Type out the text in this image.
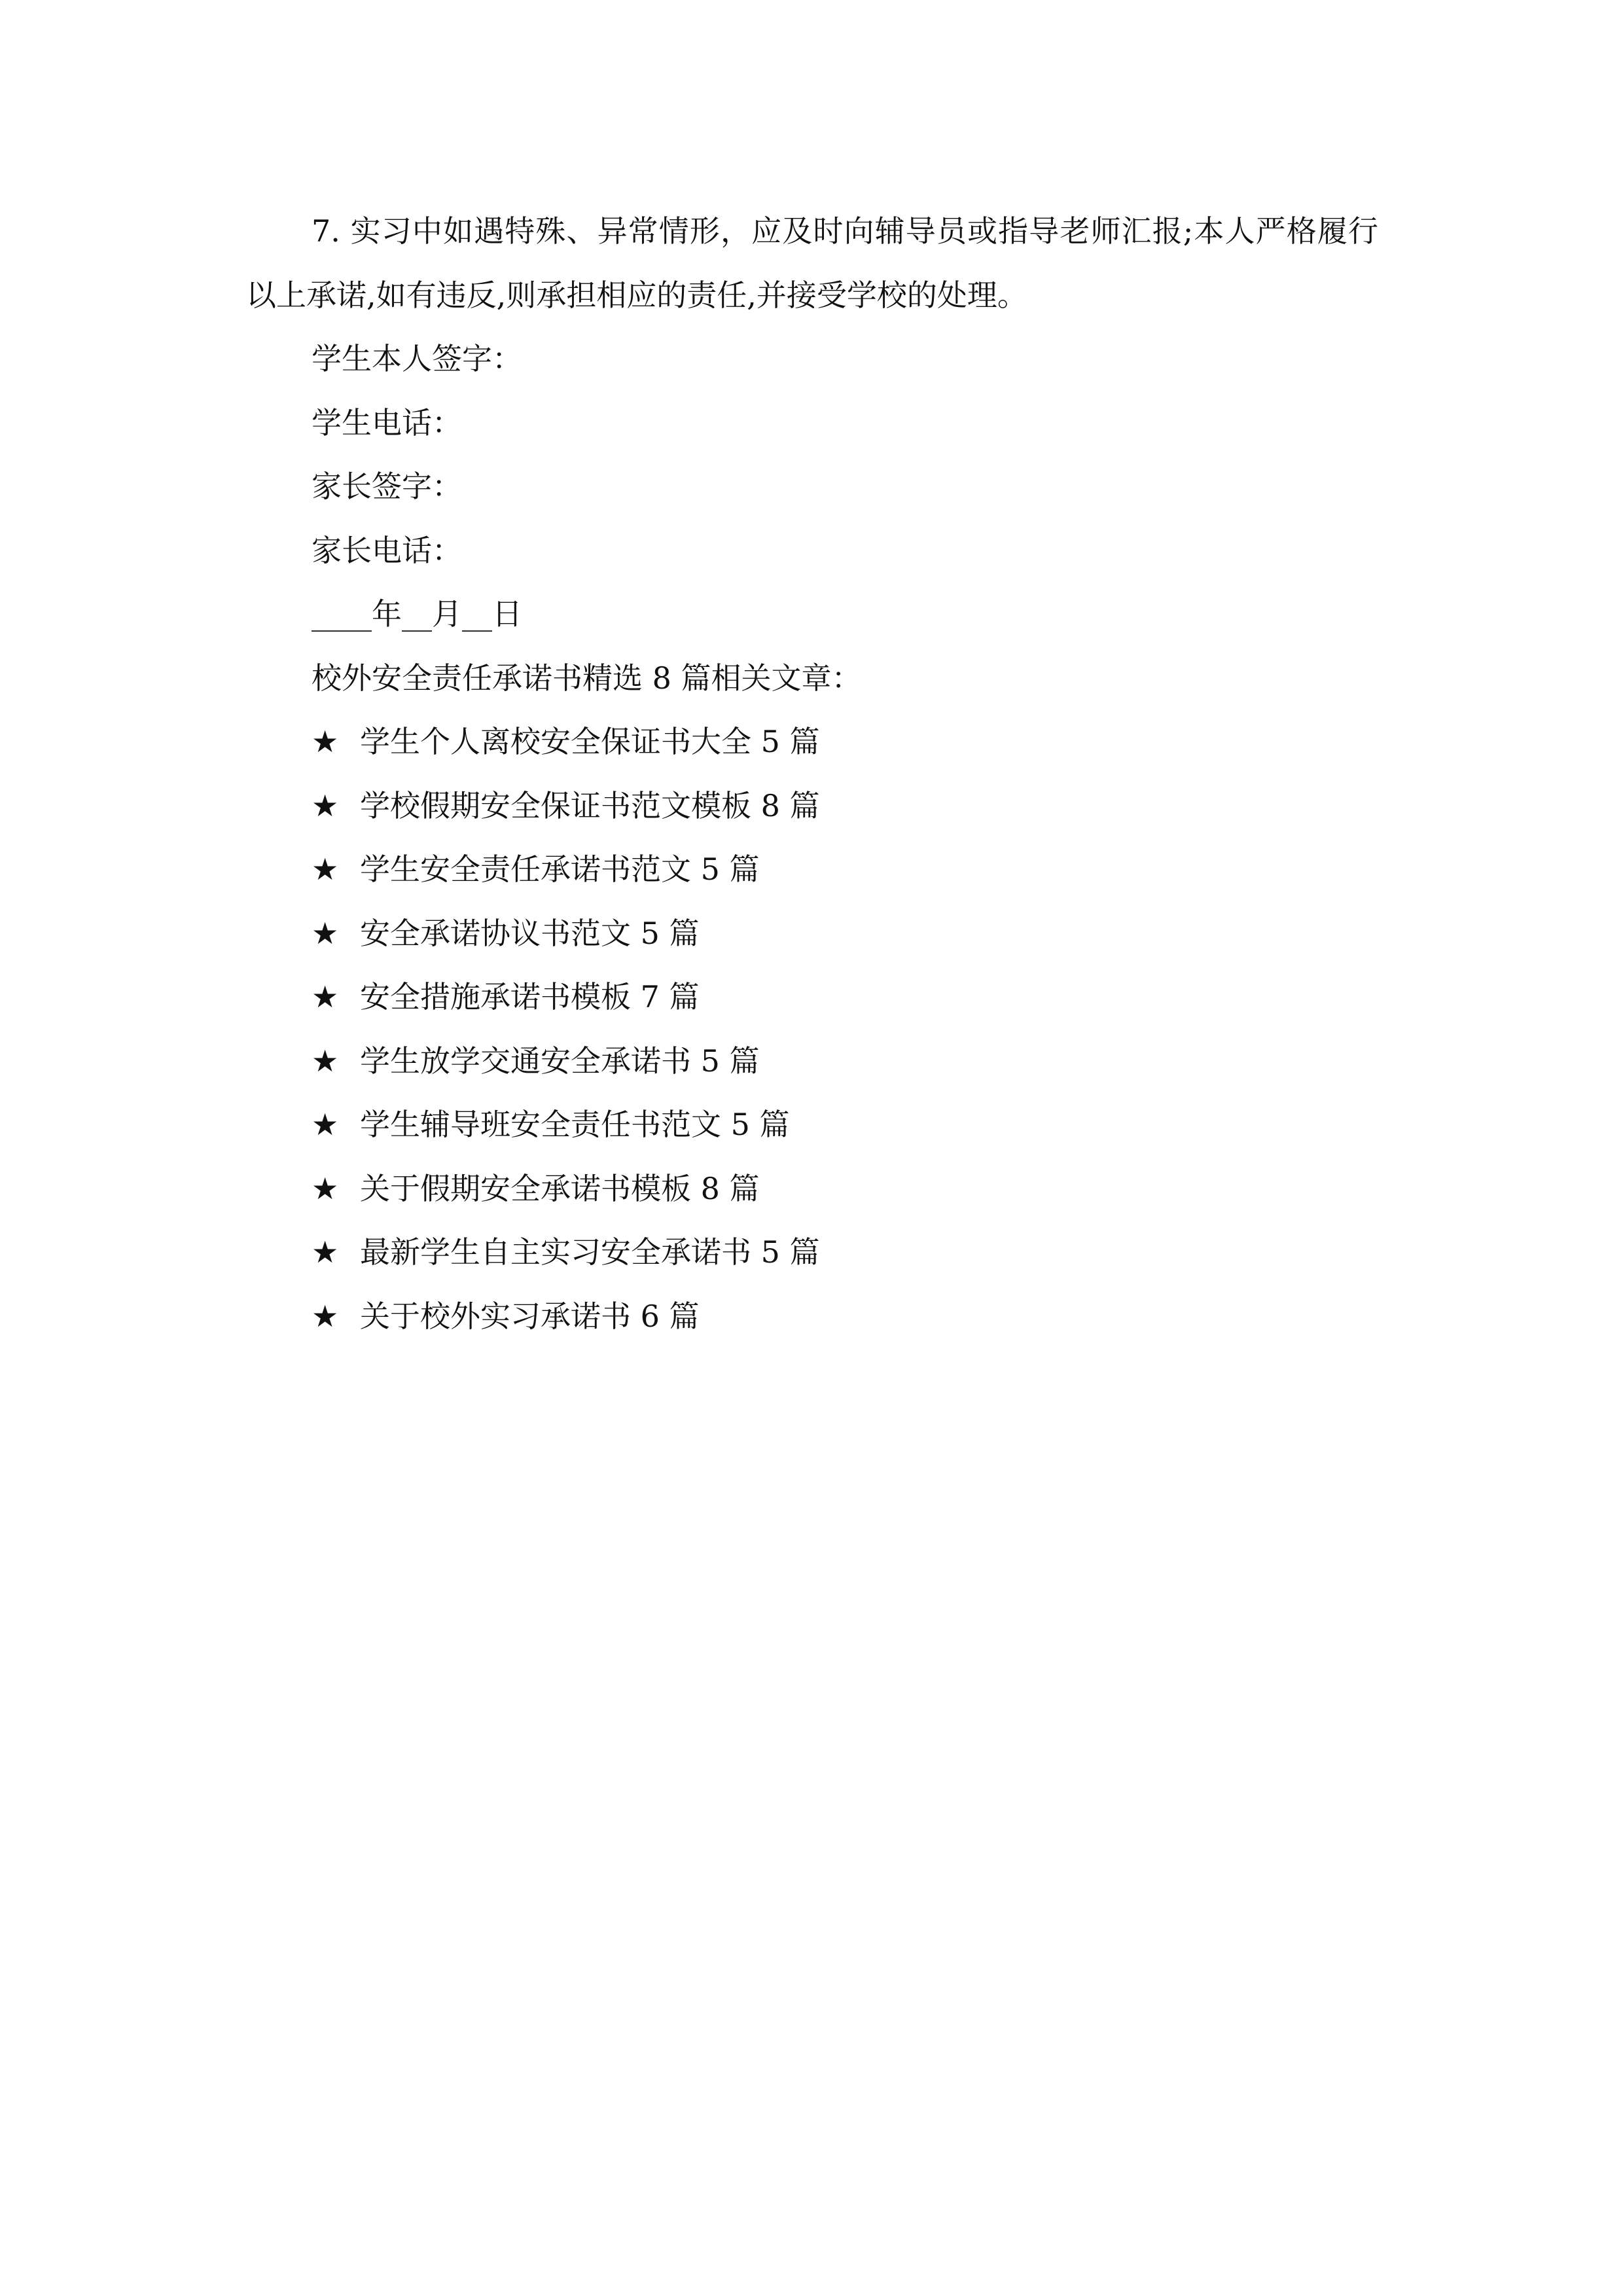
7. 实习中如遇特殊、异常情形，应及时向辅导员或指导老师汇报;本人严格履行以上承诺,如有违反,则承担相应的责任,并接受学校的处理。

学生本人签字：

学生电话：

家长签字：

家长电话：

____年__月__日

校外安全责任承诺书精选 8 篇相关文章：

★ 学生个人离校安全保证书大全 5 篇
★ 学校假期安全保证书范文模板 8 篇
★ 学生安全责任承诺书范文 5 篇
★ 安全承诺协议书范文 5 篇
★ 安全措施承诺书模板 7 篇
★ 学生放学交通安全承诺书 5 篇
★ 学生辅导班安全责任书范文 5 篇
★ 关于假期安全承诺书模板 8 篇
★ 最新学生自主实习安全承诺书 5 篇
★ 关于校外实习承诺书 6 篇
